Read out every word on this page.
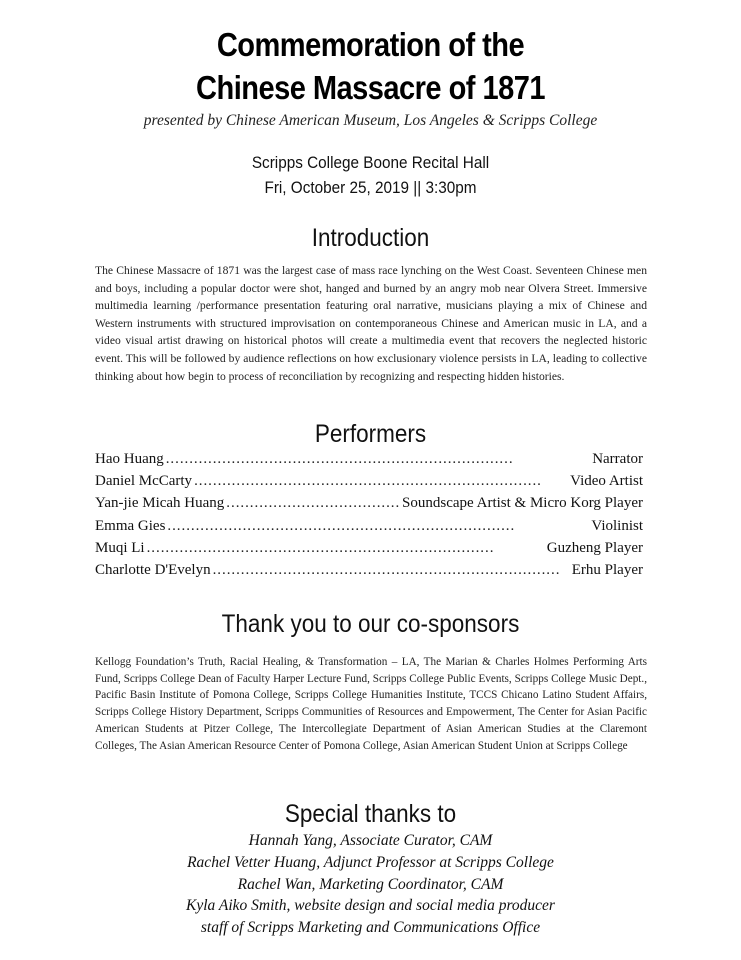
Commemoration of the
Chinese Massacre of 1871
presented by Chinese American Museum, Los Angeles & Scripps College
Scripps College Boone Recital Hall
Fri, October 25, 2019 || 3:30pm
Introduction

The Chinese Massacre of 1871 was the largest case of mass race lynching on the West Coast. Seventeen Chinese men and boys, including a popular doctor were shot, hanged and burned by an angry mob near Olvera Street. Immersive multimedia learning /performance presentation featuring oral narrative, musicians playing a mix of Chinese and Western instruments with structured improvisation on contemporaneous Chinese and American music in LA, and a video visual artist drawing on historical photos will create a multimedia event that recovers the neglected historic event. This will be followed by audience reflections on how exclusionary violence persists in LA, leading to collective thinking about how begin to process of reconciliation by recognizing and respecting hidden histories.

Performers
Hao Huang . . .	Narrator
Daniel McCarty . . .	Video Artist
Yan-jie Micah Huang . . .	Soundscape Artist & Micro Korg Player
Emma Gies . . .	Violinist
Muqi Li . . .	Guzheng Player
Charlotte D'Evelyn . . .	Erhu Player
Thank you to our co-sponsors

Kellogg Foundation’s Truth, Racial Healing, & Transformation – LA, The Marian & Charles Holmes Performing Arts Fund, Scripps College Dean of Faculty Harper Lecture Fund, Scripps College Public Events, Scripps College Music Dept., Pacific Basin Institute of Pomona College, Scripps College Humanities Institute, TCCS Chicano Latino Student Affairs, Scripps College History Department, Scripps Communities of Resources and Empowerment, The Center for Asian Pacific American Students at Pitzer College, The Intercollegiate Department of Asian American Studies at the Claremont Colleges, The Asian American Resource Center of Pomona College, Asian American Student Union at Scripps College

Special thanks to
Hannah Yang, Associate Curator, CAM
Rachel Vetter Huang, Adjunct Professor at Scripps College
Rachel Wan, Marketing Coordinator, CAM
Kyla Aiko Smith, website design and social media producer
staff of Scripps Marketing and Communications Office
